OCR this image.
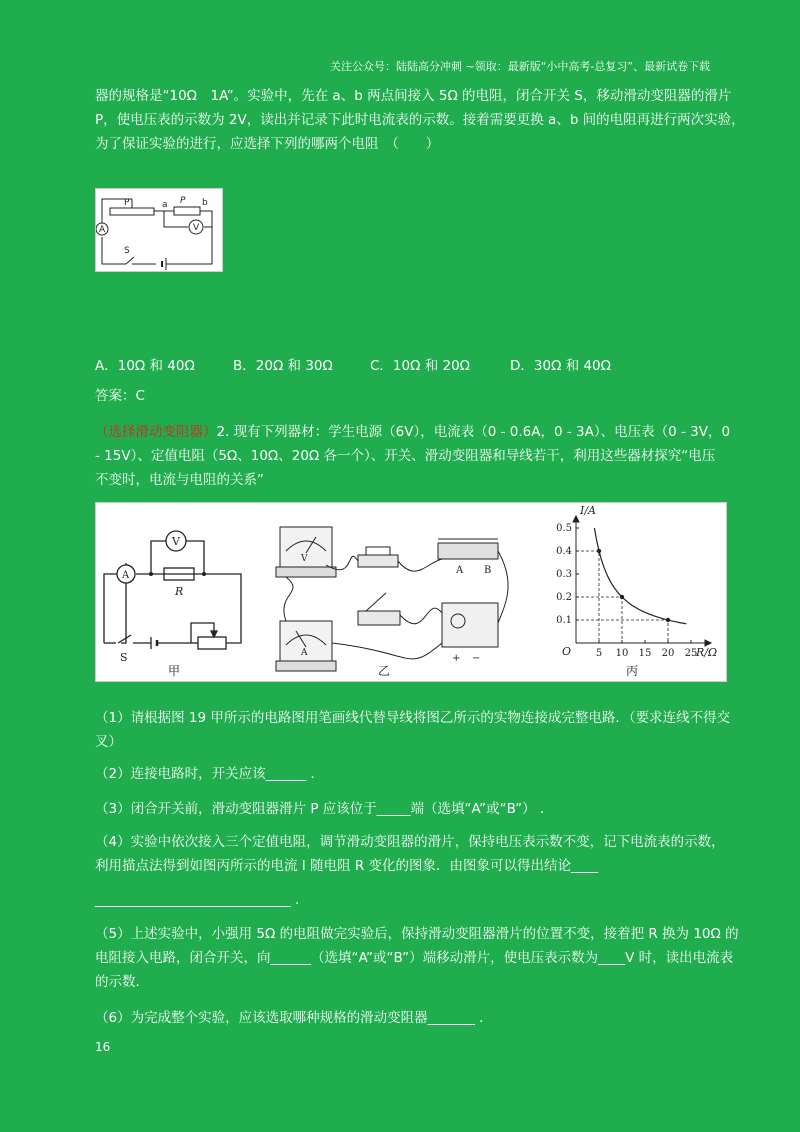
关注公众号：陆陆高分冲刺 ~领取：最新版“小中高考-总复习”、最新试卷下载
器的规格是“10Ω　1A”。实验中，先在 a、b 两点间接入 5Ω 的电阻，闭合开关 S，移动滑动变阻器的滑片
P，使电压表的示数为 2V，读出并记录下此时电流表的示数。接着需要更换 a、b 间的电阻再进行两次实验，
为了保证实验的进行，应选择下列的哪两个电阻　（　　）
P	P
a	b
A	V
S
A．10Ω 和 40Ω	B．20Ω 和 30Ω	C．10Ω 和 20Ω	D．30Ω 和 40Ω
答案：C
（选择滑动变阻器）2. 现有下列器材：学生电源（6V），电流表（0 - 0.6A，0 - 3A）、电压表（0 - 3V，0
- 15V）、定值电阻（5Ω、10Ω、20Ω 各一个）、开关、滑动变阻器和导线若干，利用这些器材探究“电压
不变时，电流与电阻的关系”
V
A
R
S
甲
V
A
A B
+ −
乙
5 10 15 20 25
0.1
0.2
0.3
0.4
0.5
I/A
R/Ω
O
丙
（1）请根据图 19 甲所示的电路图用笔画线代替导线将图乙所示的实物连接成完整电路．（要求连线不得交
叉）
（2）连接电路时，开关应该______ .
（3）闭合开关前，滑动变阻器滑片 P 应该位于_____端（选填“A”或“B”） .
（4）实验中依次接入三个定值电阻，调节滑动变阻器的滑片，保持电压表示数不变，记下电流表的示数，
利用描点法得到如图丙所示的电流 I 随电阻 R 变化的图象．由图象可以得出结论____
_____________________________ .
（5）上述实验中，小强用 5Ω 的电阻做完实验后，保持滑动变阻器滑片的位置不变，接着把 R 换为 10Ω 的
电阻接入电路，闭合开关，向______（选填“A”或“B”）端移动滑片，使电压表示数为____V 时，读出电流表
的示数．
（6）为完成整个实验，应该选取哪种规格的滑动变阻器_______ .
16
